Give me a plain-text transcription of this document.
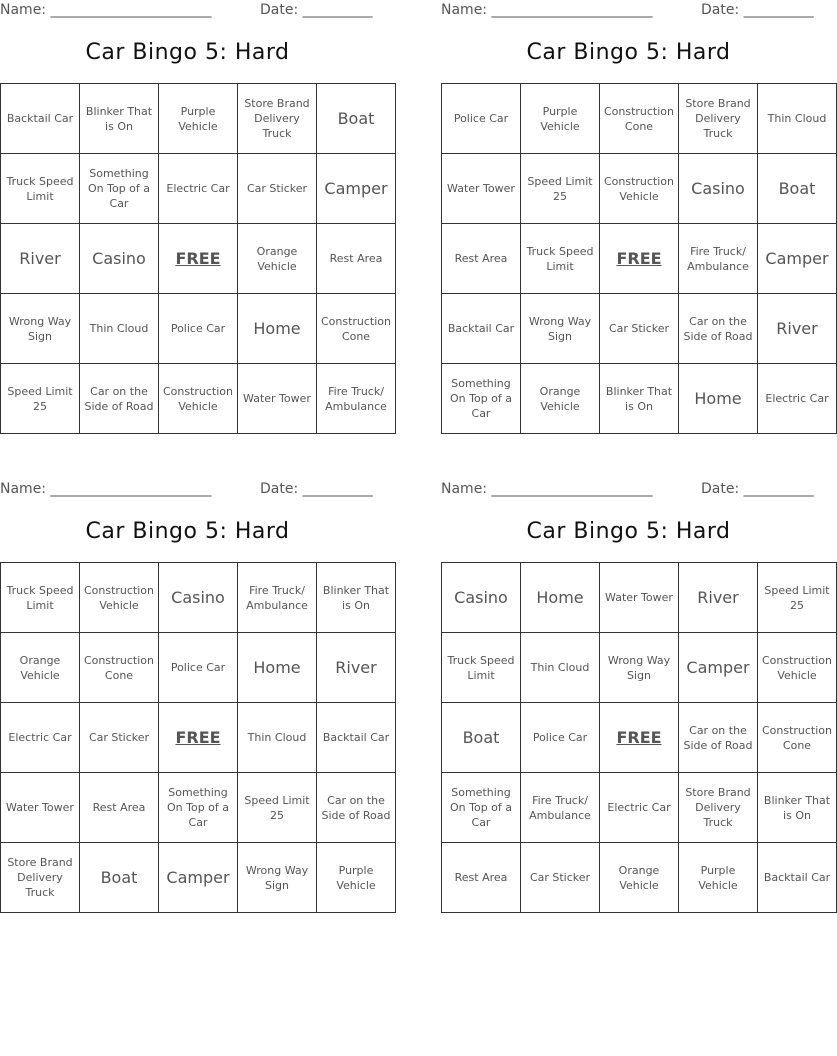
Name: _______________________	Date: __________
Car Bingo 5: Hard
Backtail Car	Blinker That is On	Purple Vehicle	Store Brand Delivery Truck	Boat
Truck Speed Limit	Something On Top of a Car	Electric Car	Car Sticker	Camper
River	Casino	FREE	Orange Vehicle	Rest Area
Wrong Way Sign	Thin Cloud	Police Car	Home	Construction Cone
Speed Limit 25	Car on the Side of Road	Construction Vehicle	Water Tower	Fire Truck/ Ambulance
Name: _______________________	Date: __________
Car Bingo 5: Hard
Police Car	Purple Vehicle	Construction Cone	Store Brand Delivery Truck	Thin Cloud
Water Tower	Speed Limit 25	Construction Vehicle	Casino	Boat
Rest Area	Truck Speed Limit	FREE	Fire Truck/ Ambulance	Camper
Backtail Car	Wrong Way Sign	Car Sticker	Car on the Side of Road	River
Something On Top of a Car	Orange Vehicle	Blinker That is On	Home	Electric Car
Name: _______________________	Date: __________
Car Bingo 5: Hard
Truck Speed Limit	Construction Vehicle	Casino	Fire Truck/ Ambulance	Blinker That is On
Orange Vehicle	Construction Cone	Police Car	Home	River
Electric Car	Car Sticker	FREE	Thin Cloud	Backtail Car
Water Tower	Rest Area	Something On Top of a Car	Speed Limit 25	Car on the Side of Road
Store Brand Delivery Truck	Boat	Camper	Wrong Way Sign	Purple Vehicle
Name: _______________________	Date: __________
Car Bingo 5: Hard
Casino	Home	Water Tower	River	Speed Limit 25
Truck Speed Limit	Thin Cloud	Wrong Way Sign	Camper	Construction Vehicle
Boat	Police Car	FREE	Car on the Side of Road	Construction Cone
Something On Top of a Car	Fire Truck/ Ambulance	Electric Car	Store Brand Delivery Truck	Blinker That is On
Rest Area	Car Sticker	Orange Vehicle	Purple Vehicle	Backtail Car
